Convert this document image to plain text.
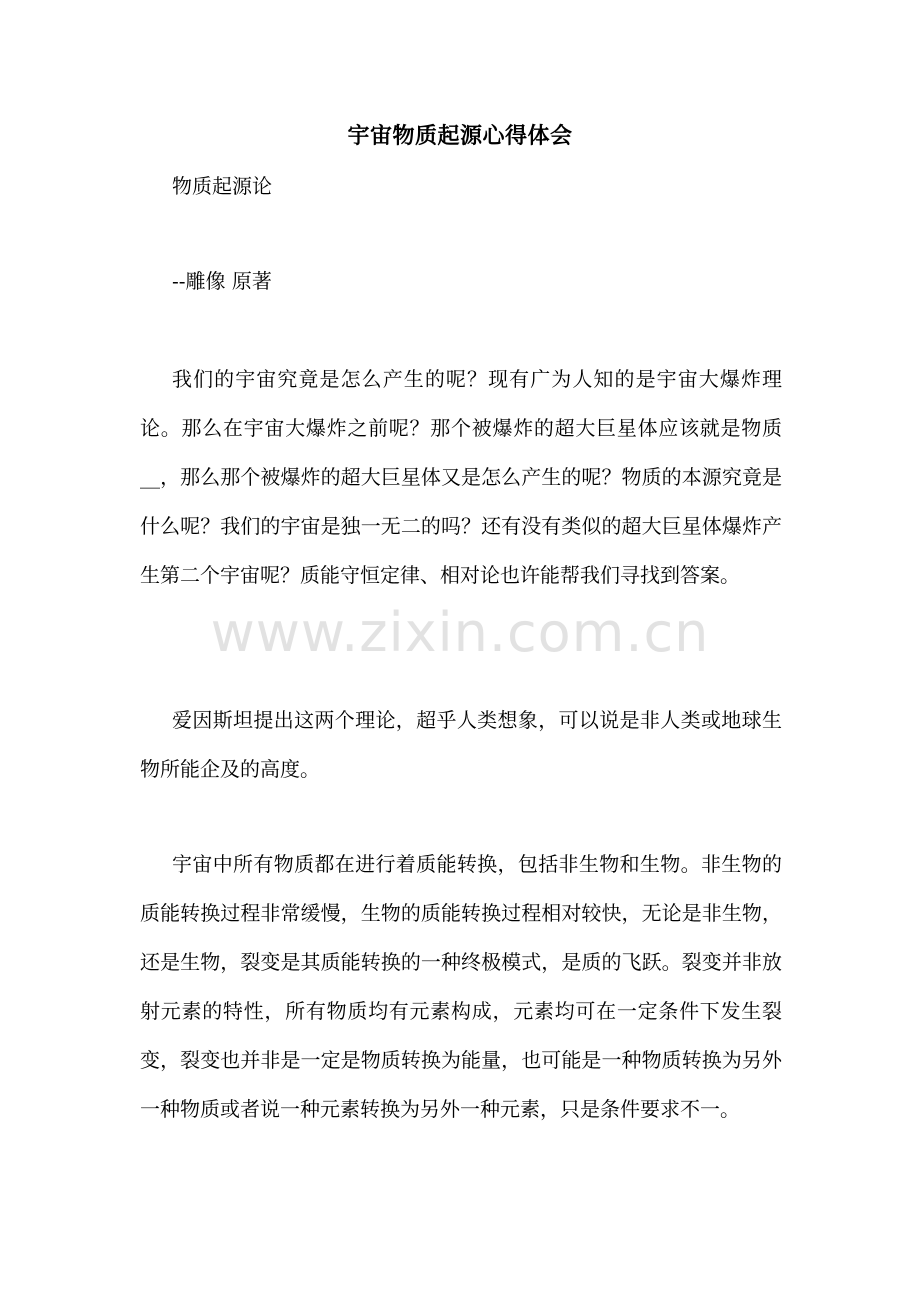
宇宙物质起源心得体会

物质起源论

--雕像 原著

我们的宇宙究竟是怎么产生的呢？现有广为人知的是宇宙大爆炸理论。那么在宇宙大爆炸之前呢？那个被爆炸的超大巨星体应该就是物质 __，那么那个被爆炸的超大巨星体又是怎么产生的呢？物质的本源究竟是什么呢？我们的宇宙是独一无二的吗？还有没有类似的超大巨星体爆炸产生第二个宇宙呢？质能守恒定律、相对论也许能帮我们寻找到答案。

爱因斯坦提出这两个理论，超乎人类想象，可以说是非人类或地球生物所能企及的高度。

宇宙中所有物质都在进行着质能转换，包括非生物和生物。非生物的质能转换过程非常缓慢，生物的质能转换过程相对较快，无论是非生物，还是生物，裂变是其质能转换的一种终极模式，是质的飞跃。裂变并非放射元素的特性，所有物质均有元素构成，元素均可在一定条件下发生裂变，裂变也并非是一定是物质转换为能量，也可能是一种物质转换为另外一种物质或者说一种元素转换为另外一种元素，只是条件要求不一。

www.zixin.com.cn
